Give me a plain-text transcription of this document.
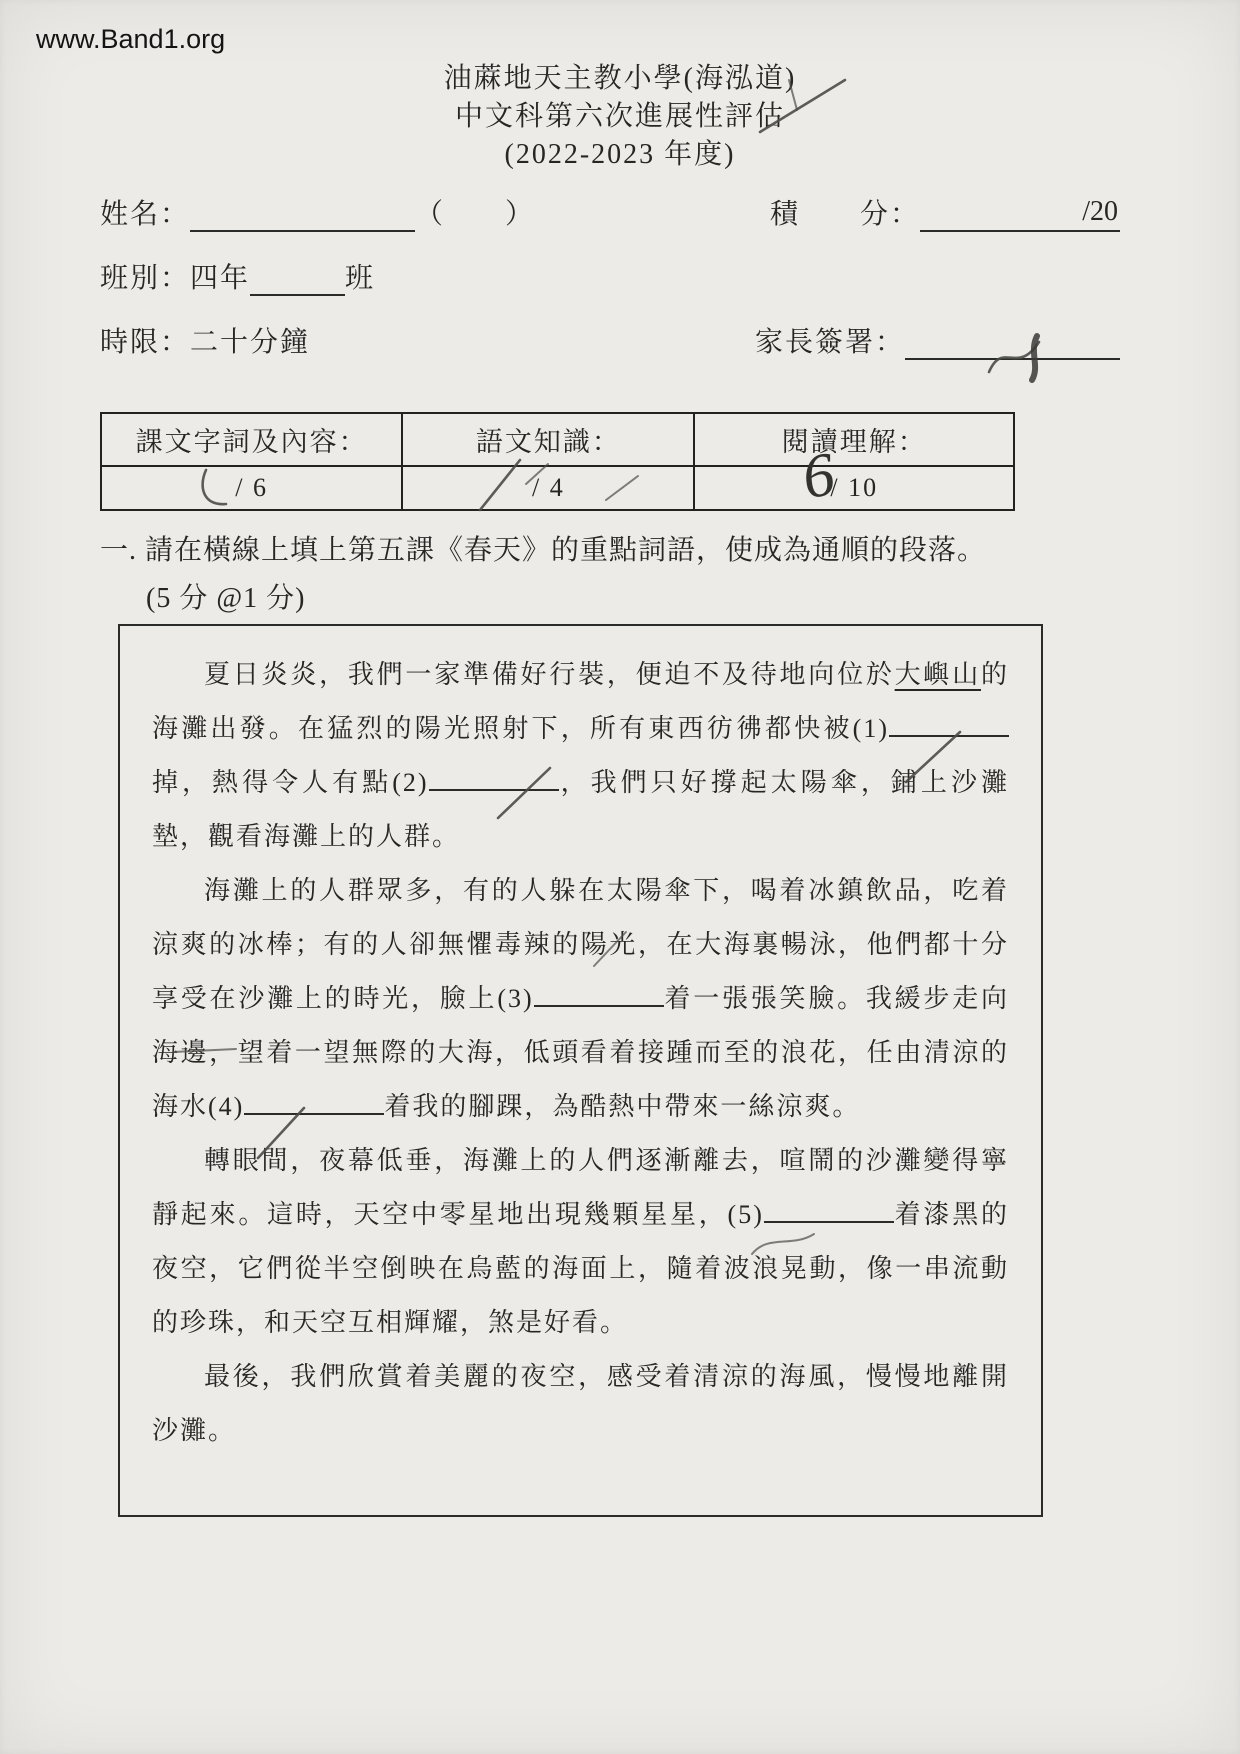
www.Band1.org
油蔴地天主教小學(海泓道)
中文科第六次進展性評估
(2022-2023 年度)
姓名：	（　　）	積　　分：	/20
班別：四年	班
時限：二十分鐘	家長簽署：
課文字詞及內容：	語文知識：	閱讀理解：
/ 6	/ 4	/ 10
6
一. 請在橫線上填上第五課《春天》的重點詞語，使成為通順的段落。
(5 分 @1 分)

夏日炎炎，我們一家準備好行裝，便迫不及待地向位於大嶼山的海灘出發。在猛烈的陽光照射下，所有東西彷彿都快被(1)掉，熱得令人有點(2)	，我們只好撐起太陽傘，鋪上沙灘墊，觀看海灘上的人群。

海灘上的人群眾多，有的人躲在太陽傘下，喝着冰鎮飲品，吃着涼爽的冰棒；有的人卻無懼毒辣的陽光，在大海裏暢泳，他們都十分享受在沙灘上的時光，臉上(3)	着一張張笑臉。我緩步走向海邊，望着一望無際的大海，低頭看着接踵而至的浪花，任由清涼的海水(4)	着我的腳踝，為酷熱中帶來一絲涼爽。

轉眼間，夜幕低垂，海灘上的人們逐漸離去，喧鬧的沙灘變得寧靜起來。這時，天空中零星地出現幾顆星星，(5)	着漆黑的夜空，它們從半空倒映在烏藍的海面上，隨着波浪晃動，像一串流動的珍珠，和天空互相輝耀，煞是好看。

最後，我們欣賞着美麗的夜空，感受着清涼的海風，慢慢地離開沙灘。
